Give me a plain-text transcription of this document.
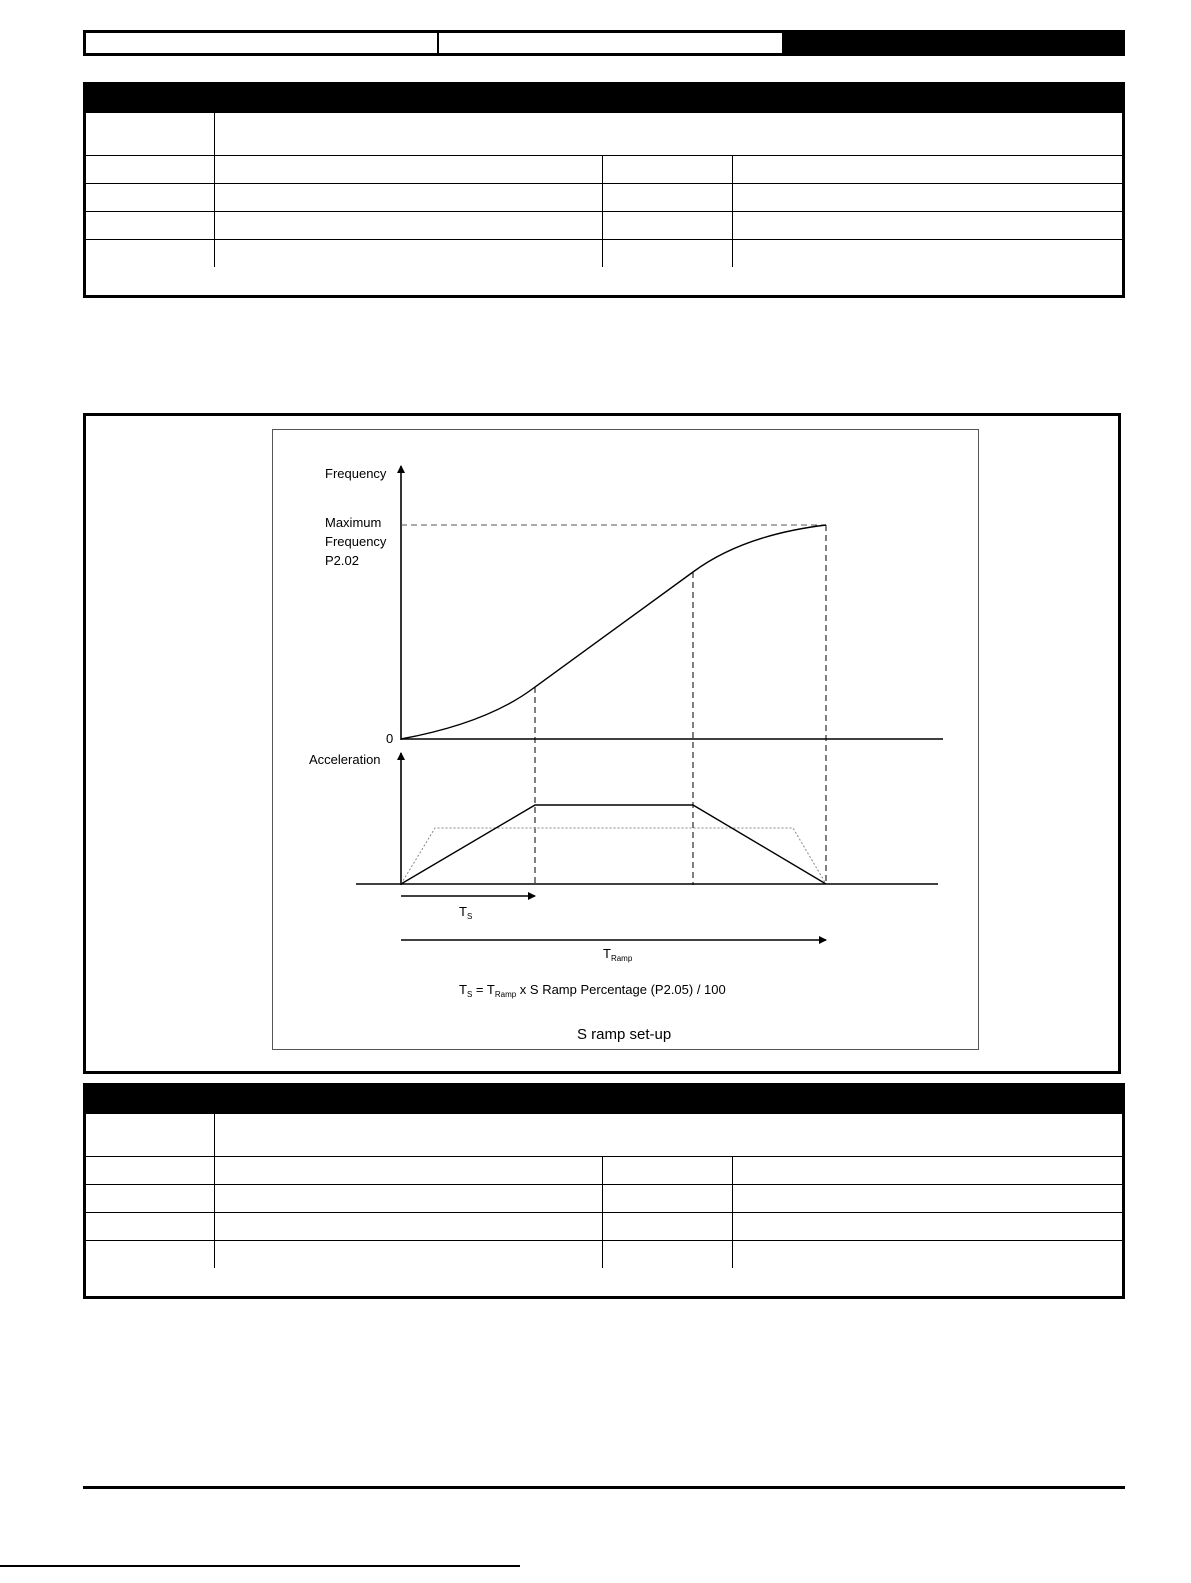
Frequency
Maximum
Frequency
P2.02
0
Acceleration
$T_S$
$T_{Ramp}$
$T_S = T_{Ramp}$ x S Ramp Percentage (P2.05) / 100
S ramp set-up
